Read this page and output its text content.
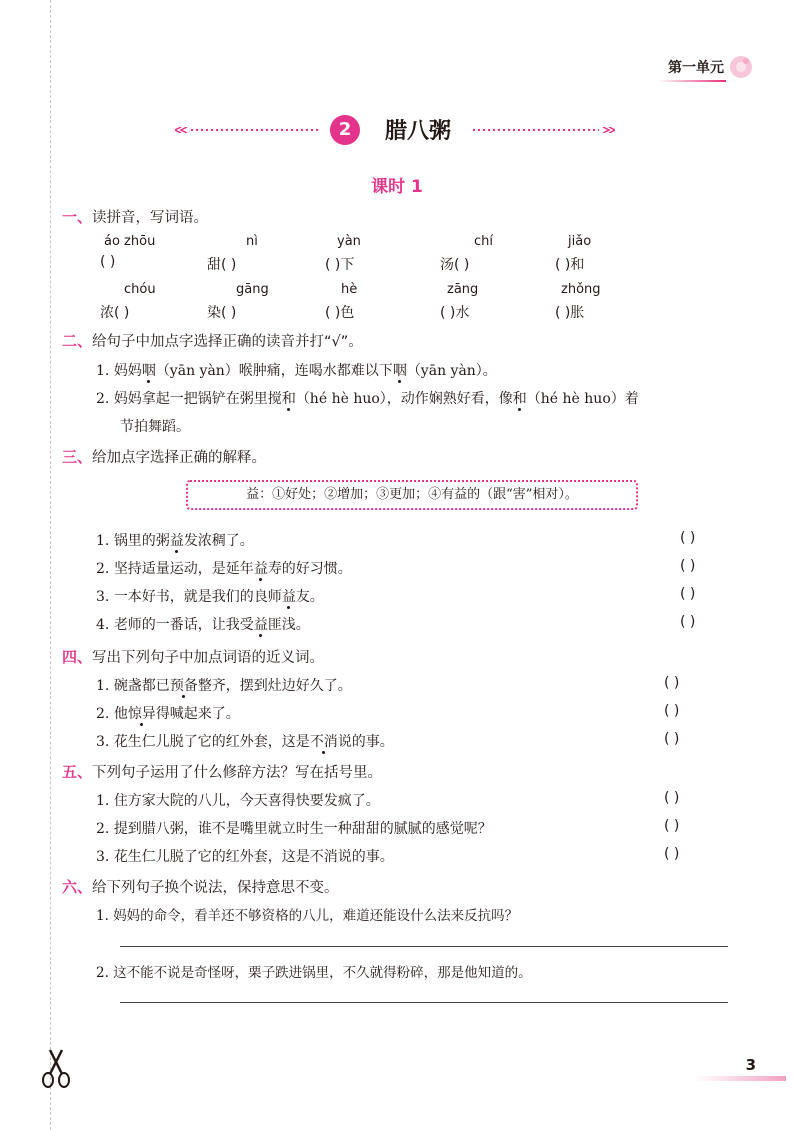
第一单元
2	腊八粥
课时 1
一、 读拼音，写词语。
áo zhōu	nì	yàn	chí	jiǎo
( )	甜( )	( )下	汤( )	( )和
chóu	gāng	hè	zāng	zhǒng
浓( )	染( )	( )色	( )水	( )胀
二、 给句子中加点字选择正确的读音并打“√”。
1. 妈妈咽（yān yàn）喉肿痛，连喝水都难以下咽（yān yàn）。
2. 妈妈拿起一把锅铲在粥里搅和（hé hè huo），动作娴熟好看，像和（hé hè huo）着
节拍舞蹈。
三、 给加点字选择正确的解释。
益：①好处；②增加；③更加；④有益的（跟“害”相对）。
1. 锅里的粥益发浓稠了。	( )
2. 坚持适量运动，是延年益寿的好习惯。	( )
3. 一本好书，就是我们的良师益友。	( )
4. 老师的一番话，让我受益匪浅。	( )
四、 写出下列句子中加点词语的近义词。
1. 碗盏都已预备整齐，摆到灶边好久了。	( )
2. 他惊异得喊起来了。	( )
3. 花生仁儿脱了它的红外套，这是不消说的事。	( )
五、 下列句子运用了什么修辞方法？写在括号里。
1. 住方家大院的八儿，今天喜得快要发疯了。	( )
2. 提到腊八粥，谁不是嘴里就立时生一种甜甜的腻腻的感觉呢？	( )
3. 花生仁儿脱了它的红外套，这是不消说的事。	( )
六、 给下列句子换个说法，保持意思不变。
1. 妈妈的命令，看羊还不够资格的八儿，难道还能设什么法来反抗吗？
2. 这不能不说是奇怪呀，栗子跌进锅里，不久就得粉碎，那是他知道的。
3
